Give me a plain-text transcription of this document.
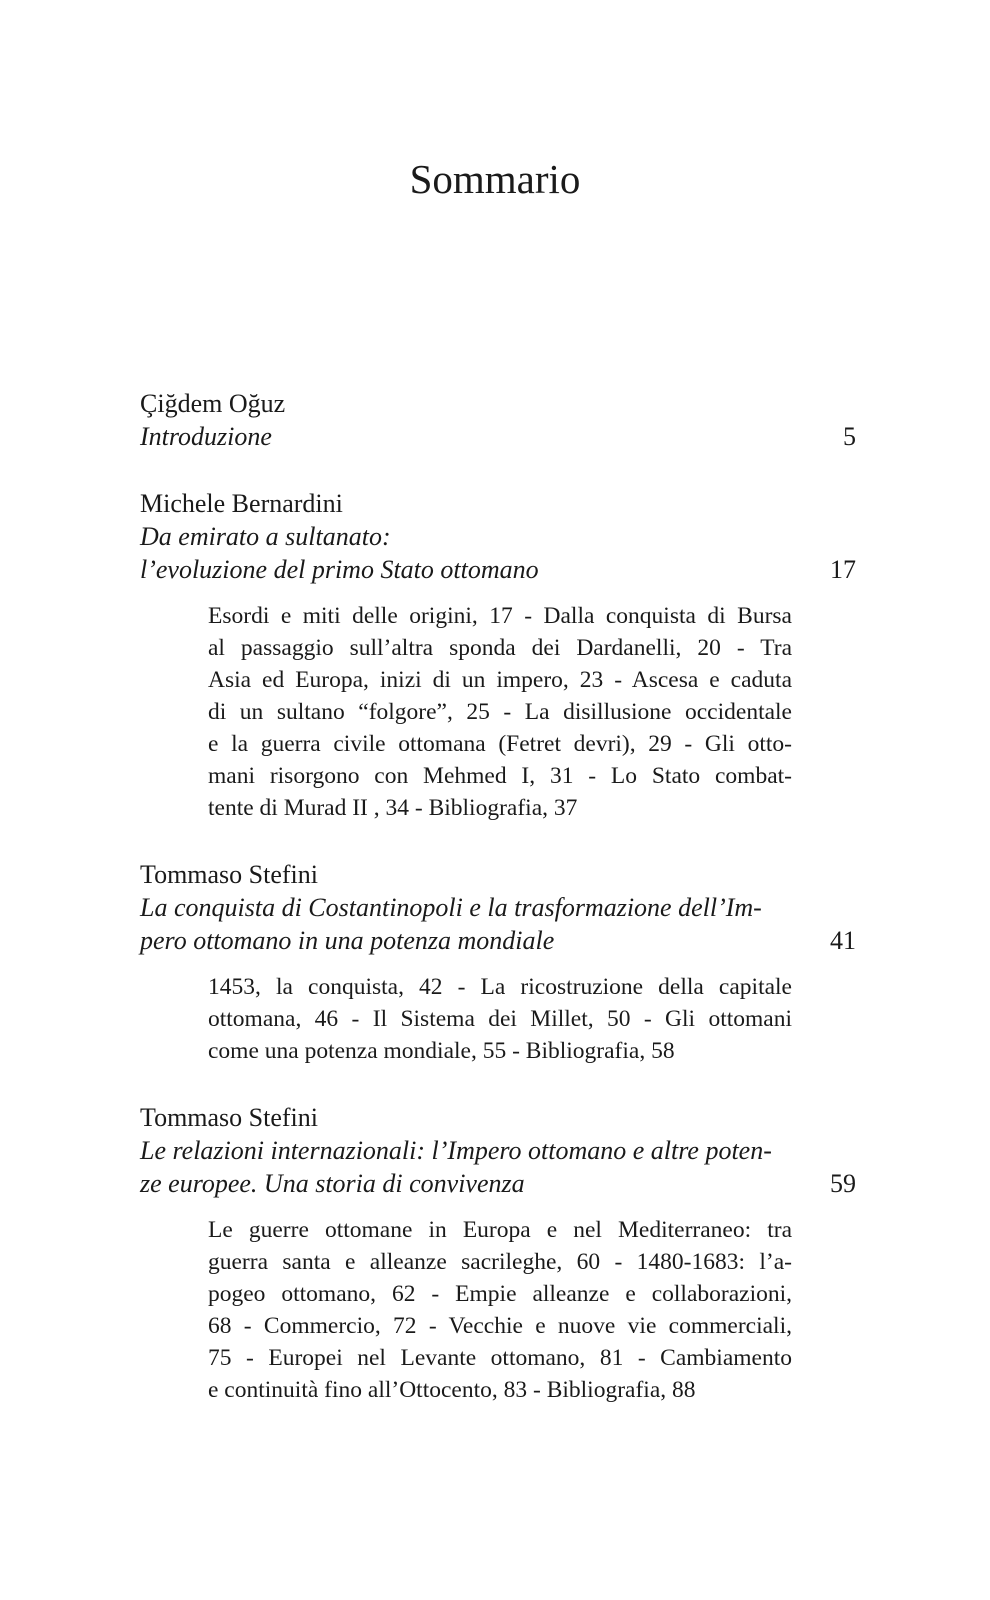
Sommario

Çiğdem Oğuz

Introduzione	5

Michele Bernardini

Da emirato a sultanato:
l’evoluzione del primo Stato ottomano	17
Esordi e miti delle origini, 17 - Dalla conquista di Bursa
al passaggio sull’altra sponda dei Dardanelli, 20 - Tra
Asia ed Europa, inizi di un impero, 23 - Ascesa e caduta
di un sultano “folgore”, 25 - La disillusione occidentale
e la guerra civile ottomana (Fetret devri), 29 - Gli otto-
mani risorgono con Mehmed I, 31 - Lo Stato combat-
tente di Murad II , 34 - Bibliografia, 37

Tommaso Stefini

La conquista di Costantinopoli e la trasformazione dell’Im-
pero ottomano in una potenza mondiale	41
1453, la conquista, 42 - La ricostruzione della capitale
ottomana, 46 - Il Sistema dei Millet, 50 - Gli ottomani
come una potenza mondiale, 55 - Bibliografia, 58

Tommaso Stefini

Le relazioni internazionali: l’Impero ottomano e altre poten-
ze europee. Una storia di convivenza	59
Le guerre ottomane in Europa e nel Mediterraneo: tra
guerra santa e alleanze sacrileghe, 60 - 1480-1683: l’a-
pogeo ottomano, 62 - Empie alleanze e collaborazioni,
68 - Commercio, 72 - Vecchie e nuove vie commerciali,
75 - Europei nel Levante ottomano, 81 - Cambiamento
e continuità fino all’Ottocento, 83 - Bibliografia, 88
